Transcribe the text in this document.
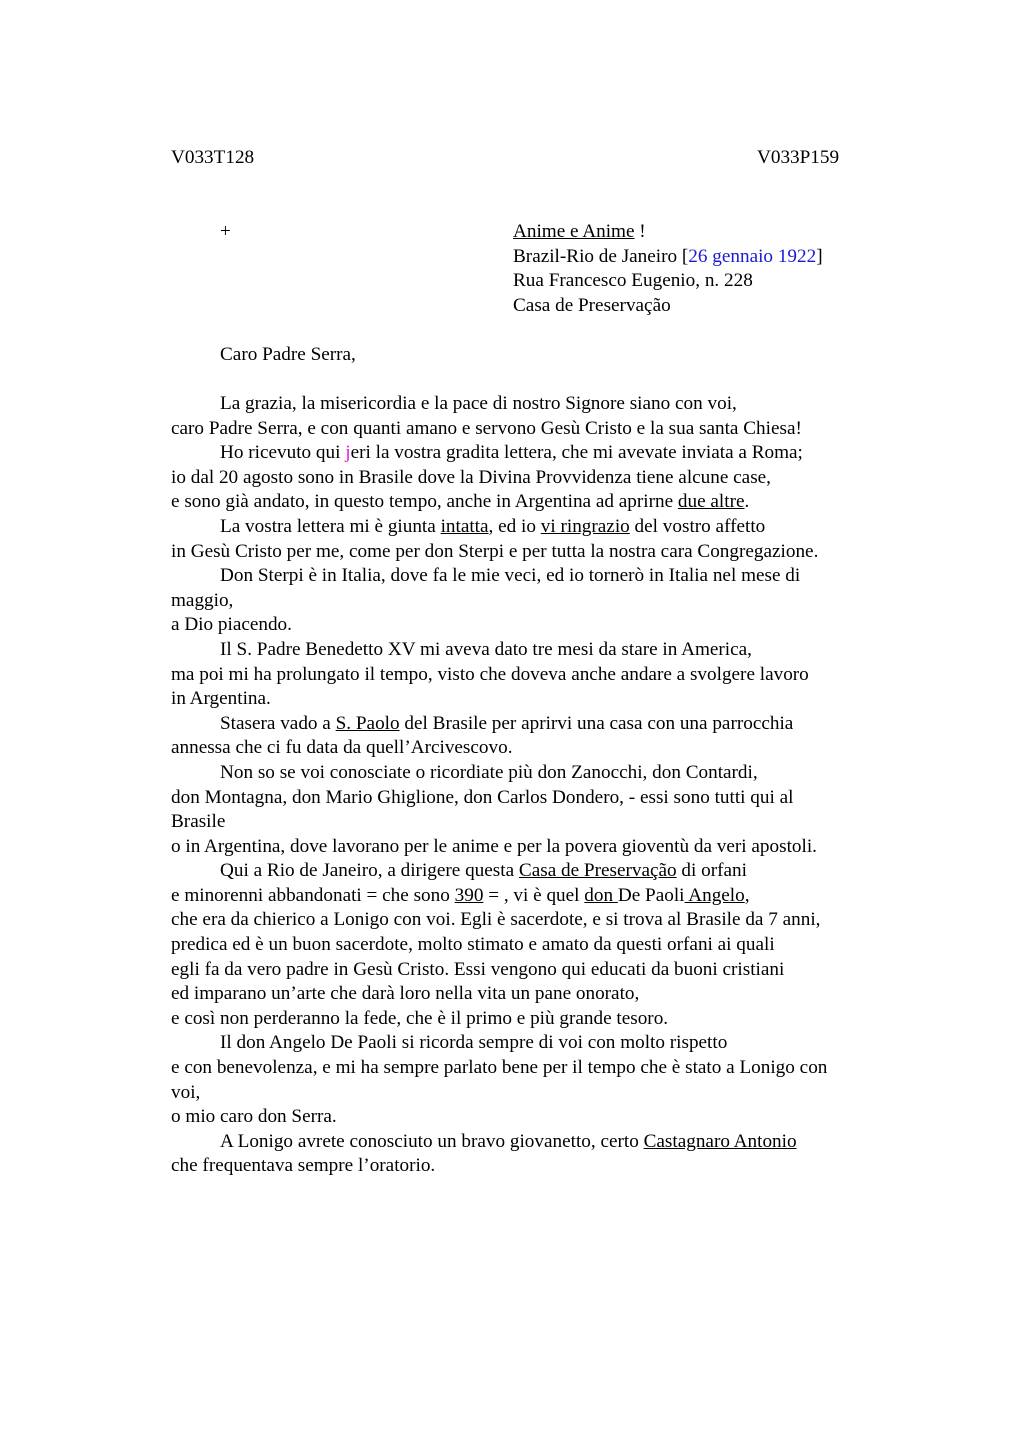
V033T128	V033P159
+	Anime e Anime !
Brazil-Rio de Janeiro [26 gennaio 1922]
Rua Francesco Eugenio, n. 228
Casa de Preservação
Caro Padre Serra,
La grazia, la misericordia e la pace di nostro Signore siano con voi,
caro Padre Serra, e con quanti amano e servono Gesù Cristo e la sua santa Chiesa!
Ho ricevuto qui jeri la vostra gradita lettera, che mi avevate inviata a Roma;
io dal 20 agosto sono in Brasile dove la Divina Provvidenza tiene alcune case,
e sono già andato, in questo tempo, anche in Argentina ad aprirne due altre.
La vostra lettera mi è giunta intatta, ed io vi ringrazio del vostro affetto
in Gesù Cristo per me, come per don Sterpi e per tutta la nostra cara Congregazione.
Don Sterpi è in Italia, dove fa le mie veci, ed io tornerò in Italia nel mese di
maggio,
a Dio piacendo.
Il S. Padre Benedetto XV mi aveva dato tre mesi da stare in America,
ma poi mi ha prolungato il tempo, visto che doveva anche andare a svolgere lavoro
in Argentina.
Stasera vado a S. Paolo del Brasile per aprirvi una casa con una parrocchia
annessa che ci fu data da quell’Arcivescovo.
Non so se voi conosciate o ricordiate più don Zanocchi, don Contardi,
don Montagna, don Mario Ghiglione, don Carlos Dondero, - essi sono tutti qui al
Brasile
o in Argentina, dove lavorano per le anime e per la povera gioventù da veri apostoli.
Qui a Rio de Janeiro, a dirigere questa Casa de Preservação di orfani
e minorenni abbandonati = che sono 390 = , vi è quel don De Paoli Angelo,
che era da chierico a Lonigo con voi. Egli è sacerdote, e si trova al Brasile da 7 anni,
predica ed è un buon sacerdote, molto stimato e amato da questi orfani ai quali
egli fa da vero padre in Gesù Cristo. Essi vengono qui educati da buoni cristiani
ed imparano un’arte che darà loro nella vita un pane onorato,
e così non perderanno la fede, che è il primo e più grande tesoro.
Il don Angelo De Paoli si ricorda sempre di voi con molto rispetto
e con benevolenza, e mi ha sempre parlato bene per il tempo che è stato a Lonigo con
voi,
o mio caro don Serra.
A Lonigo avrete conosciuto un bravo giovanetto, certo Castagnaro Antonio
che frequentava sempre l’oratorio.
